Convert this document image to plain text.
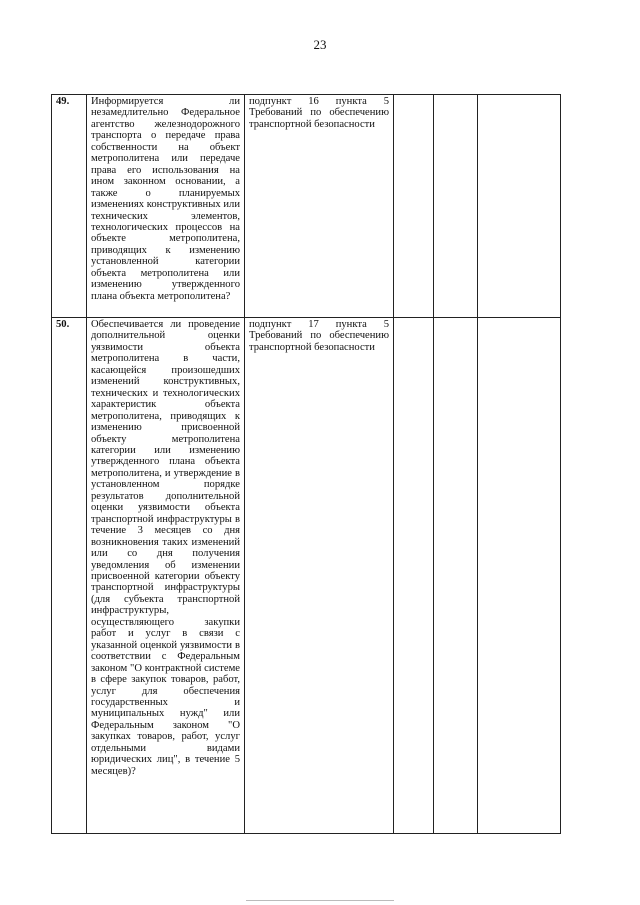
23
49.	Информируется ли незамедлительно Федеральное агентство железнодорожного транспорта о передаче права собственности на объект метрополитена или передаче права его использования на ином законном основании, а также о планируемых изменениях конструктивных или технических элементов, технологических процессов на объекте метрополитена, приводящих к изменению установленной категории объекта метрополитена или изменению утвержденного плана объекта метрополитена?	подпункт 16 пункта 5 Требований по обеспечению транспортной безопасности			
50.	Обеспечивается ли проведение дополнительной оценки уязвимости объекта метрополитена в части, касающейся произошедших изменений конструктивных, технических и технологических характеристик объекта метрополитена, приводящих к изменению присвоенной объекту метрополитена категории или изменению утвержденного плана объекта метрополитена, и утверждение в установленном порядке результатов дополнительной оценки уязвимости объекта транспортной инфраструктуры в течение 3 месяцев со дня возникновения таких изменений или со дня получения уведомления об изменении присвоенной категории объекту транспортной инфраструктуры (для субъекта транспортной инфраструктуры, осуществляющего закупки работ и услуг в связи с указанной оценкой уязвимости в соответствии с Федеральным законом "О контрактной системе в сфере закупок товаров, работ, услуг для обеспечения государственных и муниципальных нужд" или Федеральным законом "О закупках товаров, работ, услуг отдельными видами юридических лиц", в течение 5 месяцев)?	подпункт 17 пункта 5 Требований по обеспечению транспортной безопасности			
